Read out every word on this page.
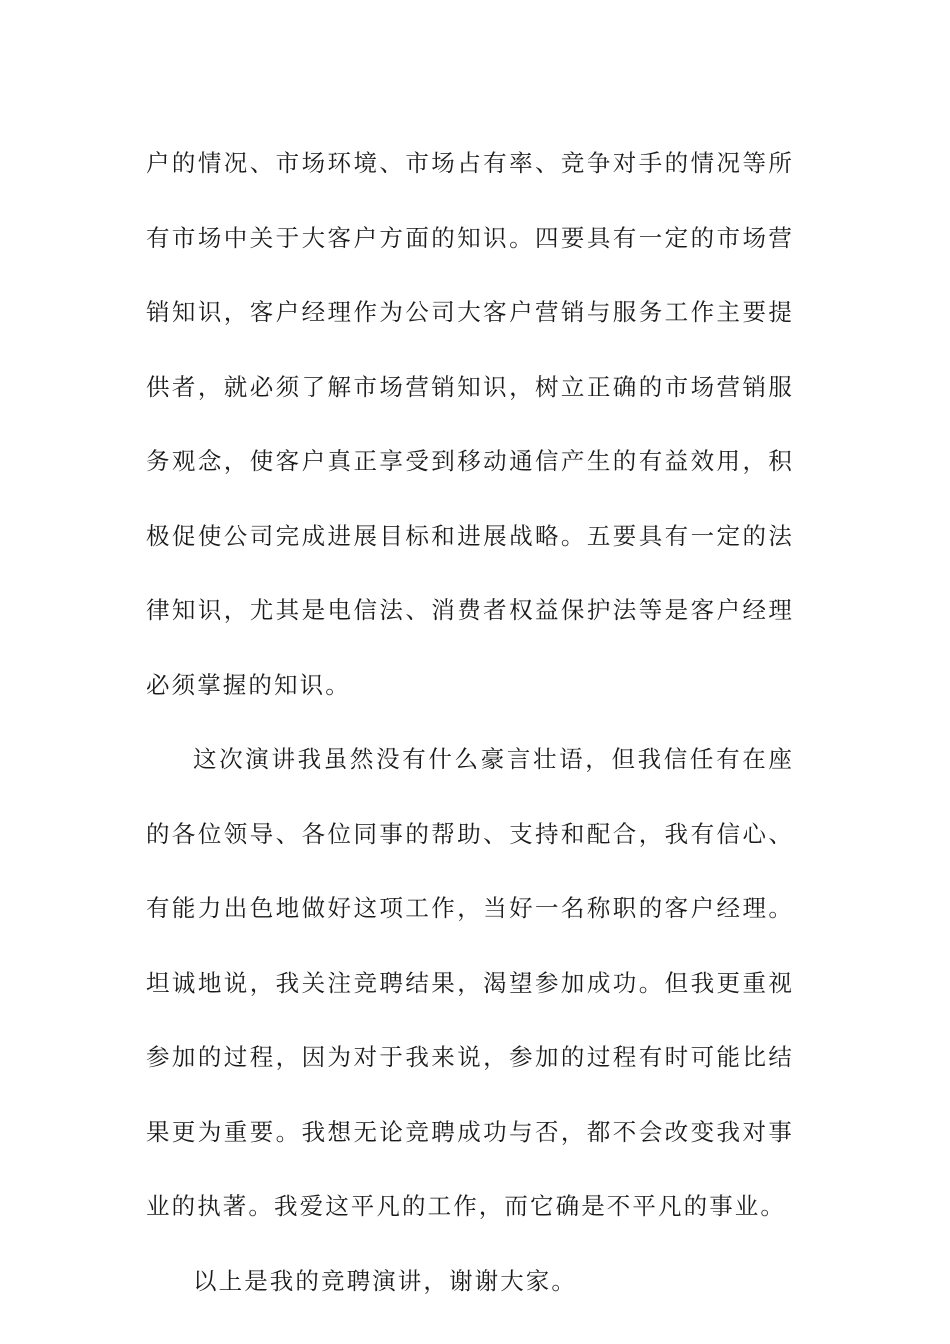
户的情况、市场环境、市场占有率、竞争对手的情况等所有市场中关于大客户方面的知识。四要具有一定的市场营销知识，客户经理作为公司大客户营销与服务工作主要提供者，就必须了解市场营销知识，树立正确的市场营销服务观念，使客户真正享受到移动通信产生的有益效用，积极促使公司完成进展目标和进展战略。五要具有一定的法律知识，尤其是电信法、消费者权益保护法等是客户经理必须掌握的知识。

这次演讲我虽然没有什么豪言壮语，但我信任有在座的各位领导、各位同事的帮助、支持和配合，我有信心、有能力出色地做好这项工作，当好一名称职的客户经理。坦诚地说，我关注竞聘结果，渴望参加成功。但我更重视参加的过程，因为对于我来说，参加的过程有时可能比结果更为重要。我想无论竞聘成功与否，都不会改变我对事业的执著。我爱这平凡的工作，而它确是不平凡的事业。

以上是我的竞聘演讲，谢谢大家。
